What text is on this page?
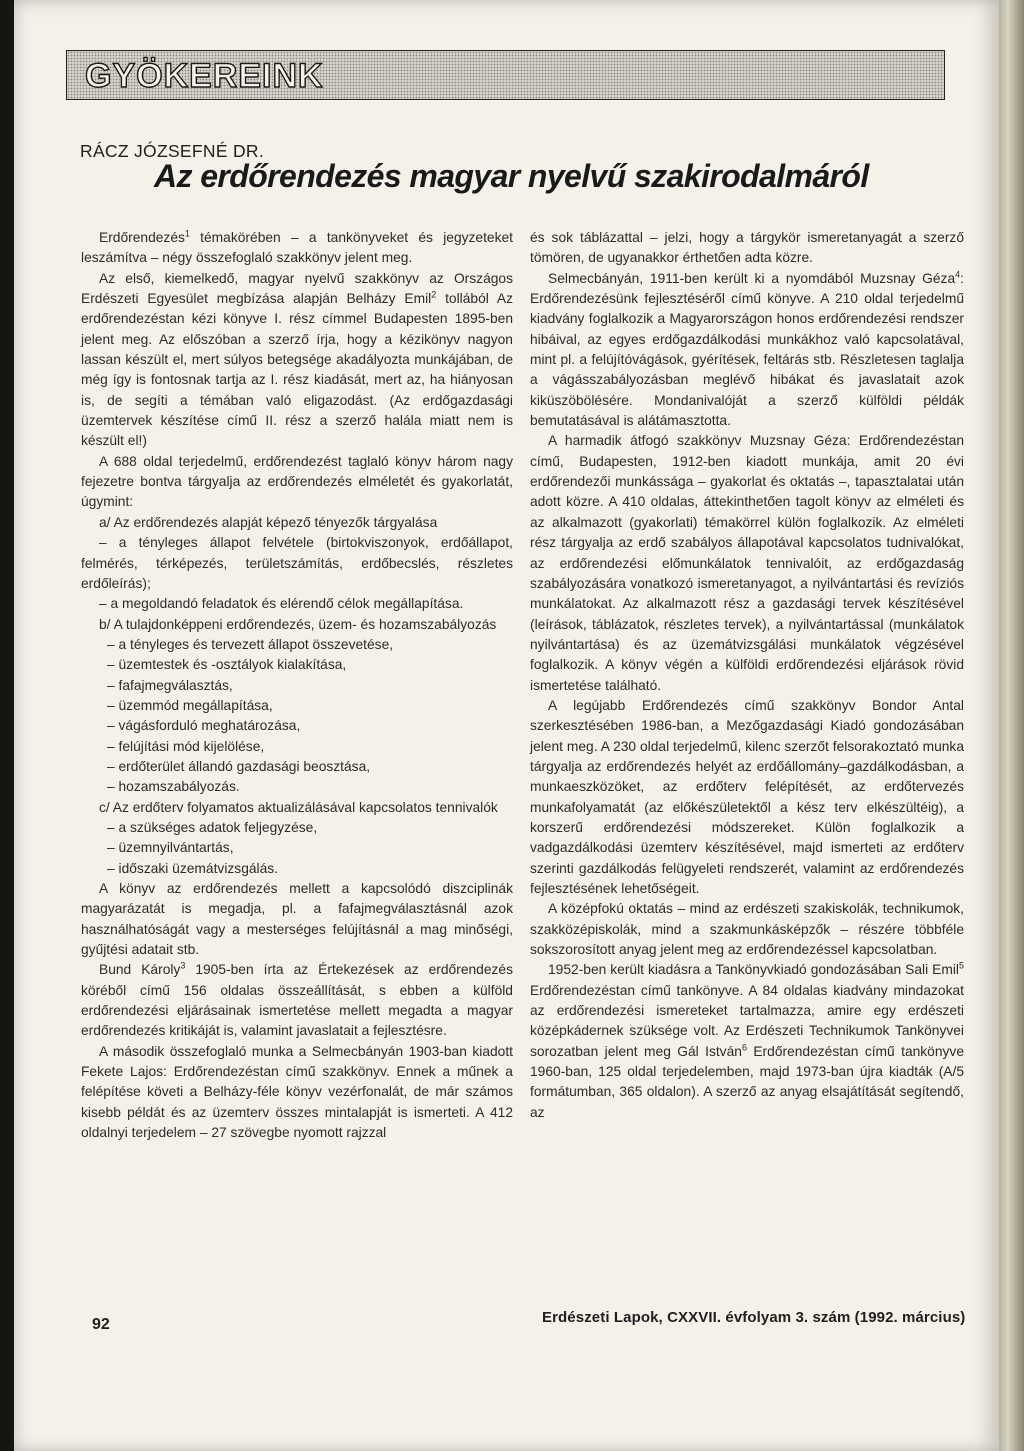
GYÖKEREINK
RÁCZ JÓZSEFNÉ DR.
Az erdőrendezés magyar nyelvű szakirodalmáról

Erdőrendezés$^1$ témakörében – a tankönyveket és jegyzeteket leszámítva – négy összefoglaló szakkönyv jelent meg.

Az első, kiemelkedő, magyar nyelvű szakkönyv az Országos Erdészeti Egyesület megbízása alapján Belházy Emil$^2$ tollából Az erdőrendezéstan kézi könyve I. rész címmel Budapesten 1895-ben jelent meg. Az előszóban a szerző írja, hogy a kézikönyv nagyon lassan készült el, mert súlyos betegsége akadályozta munkájában, de még így is fontosnak tartja az I. rész kiadását, mert az, ha hiányosan is, de segíti a témában való eligazodást. (Az erdőgazdasági üzemtervek készítése című II. rész a szerző halála miatt nem is készült el!)

A 688 oldal terjedelmű, erdőrendezést taglaló könyv három nagy fejezetre bontva tárgyalja az erdőrendezés elméletét és gyakorlatát, úgymint:

a/ Az erdőrendezés alapját képező tényezők tárgyalása

– a tényleges állapot felvétele (birtokviszonyok, erdőállapot, felmérés, térképezés, területszámítás, erdőbecslés, részletes erdőleírás);

– a megoldandó feladatok és elérendő célok megállapítása.

b/ A tulajdonképpeni erdőrendezés, üzem- és hozamszabályozás

– a tényleges és tervezett állapot összevetése,

– üzemtestek és -osztályok kialakítása,

– fafajmegválasztás,

– üzemmód megállapítása,

– vágásforduló meghatározása,

– felújítási mód kijelölése,

– erdőterület állandó gazdasági beosztása,

– hozamszabályozás.

c/ Az erdőterv folyamatos aktualizálásával kapcsolatos tennivalók

– a szükséges adatok feljegyzése,

– üzemnyilvántartás,

– időszaki üzemátvizsgálás.

A könyv az erdőrendezés mellett a kapcsolódó diszciplinák magyarázatát is megadja, pl. a fafajmegválasztásnál azok használhatóságát vagy a mesterséges felújításnál a mag minőségi, gyűjtési adatait stb.

Bund Károly$^3$ 1905-ben írta az Értekezések az erdőrendezés köréből című 156 oldalas összeállítását, s ebben a külföld erdőrendezési eljárásainak ismertetése mellett megadta a magyar erdőrendezés kritikáját is, valamint javaslatait a fejlesztésre.

A második összefoglaló munka a Selmecbányán 1903-ban kiadott Fekete Lajos: Erdőrendezéstan című szakkönyv. Ennek a műnek a felépítése követi a Belházy-féle könyv vezérfonalát, de már számos kisebb példát és az üzemterv összes mintalapját is ismerteti. A 412 oldalnyi terjedelem – 27 szövegbe nyomott rajzzal

és sok táblázattal – jelzi, hogy a tárgykör ismeretanyagát a szerző tömören, de ugyanakkor érthetően adta közre.

Selmecbányán, 1911-ben került ki a nyomdából Muzsnay Géza$^4$: Erdőrendezésünk fejlesztéséről című könyve. A 210 oldal terjedelmű kiadvány foglalkozik a Magyarországon honos erdőrendezési rendszer hibáival, az egyes erdőgazdálkodási munkákhoz való kapcsolatával, mint pl. a felújítóvágások, gyérítések, feltárás stb. Részletesen taglalja a vágásszabályozásban meglévő hibákat és javaslatait azok kiküszöbölésére. Mondanivalóját a szerző külföldi példák bemutatásával is alátámasztotta.

A harmadik átfogó szakkönyv Muzsnay Géza: Erdőrendezéstan című, Budapesten, 1912-ben kiadott munkája, amit 20 évi erdőrendezői munkássága – gyakorlat és oktatás –, tapasztalatai után adott közre. A 410 oldalas, áttekinthetően tagolt könyv az elméleti és az alkalmazott (gyakorlati) témakörrel külön foglalkozik. Az elméleti rész tárgyalja az erdő szabályos állapotával kapcsolatos tudnivalókat, az erdőrendezési előmunkálatok tennivalóit, az erdőgazdaság szabályozására vonatkozó ismeretanyagot, a nyilvántartási és revíziós munkálatokat. Az alkalmazott rész a gazdasági tervek készítésével (leírások, táblázatok, részletes tervek), a nyilvántartással (munkálatok nyilvántartása) és az üzemátvizsgálási munkálatok végzésével foglalkozik. A könyv végén a külföldi erdőrendezési eljárások rövid ismertetése található.

A legújabb Erdőrendezés című szakkönyv Bondor Antal szerkesztésében 1986-ban, a Mezőgazdasági Kiadó gondozásában jelent meg. A 230 oldal terjedelmű, kilenc szerzőt felsorakoztató munka tárgyalja az erdőrendezés helyét az erdőállomány–gazdálkodásban, a munkaeszközöket, az erdőterv felépítését, az erdőtervezés munkafolyamatát (az előkészületektől a kész terv elkészültéig), a korszerű erdőrendezési módszereket. Külön foglalkozik a vadgazdálkodási üzemterv készítésével, majd ismerteti az erdőterv szerinti gazdálkodás felügyeleti rendszerét, valamint az erdőrendezés fejlesztésének lehetőségeit.

A középfokú oktatás – mind az erdészeti szakiskolák, technikumok, szakközépiskolák, mind a szakmunkásképzők – részére többféle sokszorosított anyag jelent meg az erdőrendezéssel kapcsolatban.

1952-ben került kiadásra a Tankönyvkiadó gondozásában Sali Emil$^5$ Erdőrendezéstan című tankönyve. A 84 oldalas kiadvány mindazokat az erdőrendezési ismereteket tartalmazza, amire egy erdészeti középkádernek szüksége volt. Az Erdészeti Technikumok Tankönyvei sorozatban jelent meg Gál István$^6$ Erdőrendezéstan című tankönyve 1960-ban, 125 oldal terjedelemben, majd 1973-ban újra kiadták (A/5 formátumban, 365 oldalon). A szerző az anyag elsajátítását segítendő, az

92	Erdészeti Lapok, CXXVII. évfolyam 3. szám (1992. március)
